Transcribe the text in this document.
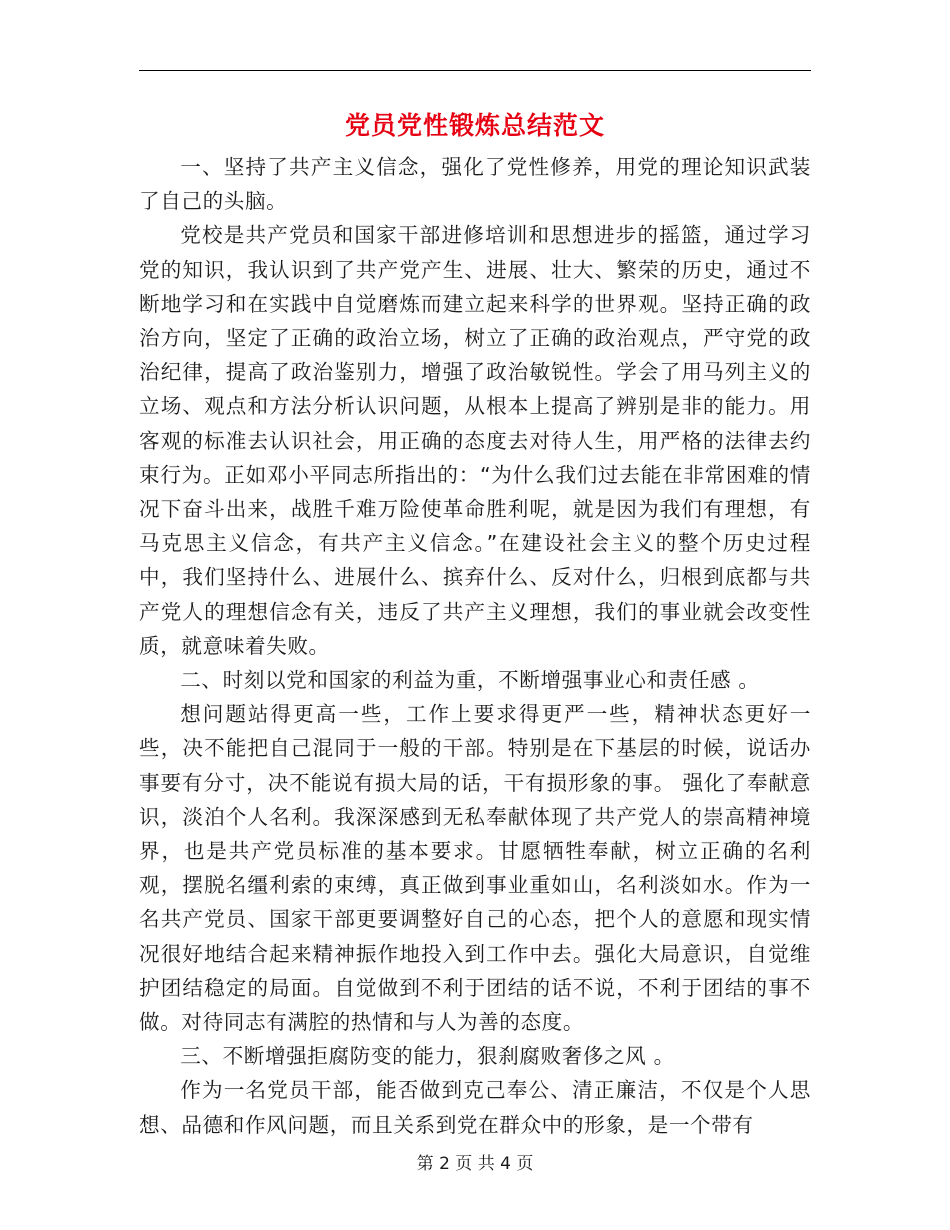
党员党性锻炼总结范文

一、坚持了共产主义信念，强化了党性修养，用党的理论知识武装了自己的头脑。

党校是共产党员和国家干部进修培训和思想进步的摇篮，通过学习党的知识，我认识到了共产党产生、进展、壮大、繁荣的历史，通过不断地学习和在实践中自觉磨炼而建立起来科学的世界观。坚持正确的政治方向，坚定了正确的政治立场，树立了正确的政治观点，严守党的政治纪律，提高了政治鉴别力，增强了政治敏锐性。学会了用马列主义的立场、观点和方法分析认识问题，从根本上提高了辨别是非的能力。用客观的标准去认识社会，用正确的态度去对待人生，用严格的法律去约束行为。正如邓小平同志所指出的：“为什么我们过去能在非常困难的情况下奋斗出来，战胜千难万险使革命胜利呢，就是因为我们有理想，有马克思主义信念，有共产主义信念。”在建设社会主义的整个历史过程中，我们坚持什么、进展什么、摈弃什么、反对什么，归根到底都与共产党人的理想信念有关，违反了共产主义理想，我们的事业就会改变性质，就意味着失败。

二、时刻以党和国家的利益为重，不断增强事业心和责任感 。

想问题站得更高一些，工作上要求得更严一些，精神状态更好一些，决不能把自己混同于一般的干部。特别是在下基层的时候，说话办事要有分寸，决不能说有损大局的话，干有损形象的事。 强化了奉献意识，淡泊个人名利。我深深感到无私奉献体现了共产党人的崇高精神境界，也是共产党员标准的基本要求。甘愿牺牲奉献，树立正确的名利观，摆脱名缰利索的束缚，真正做到事业重如山，名利淡如水。作为一名共产党员、国家干部更要调整好自己的心态，把个人的意愿和现实情况很好地结合起来精神振作地投入到工作中去。强化大局意识，自觉维护团结稳定的局面。自觉做到不利于团结的话不说，不利于团结的事不做。对待同志有满腔的热情和与人为善的态度。

三、不断增强拒腐防变的能力，狠刹腐败奢侈之风 。

作为一名党员干部，能否做到克己奉公、清正廉洁，不仅是个人思想、品德和作风问题，而且关系到党在群众中的形象，是一个带有

第 2 页 共 4 页
